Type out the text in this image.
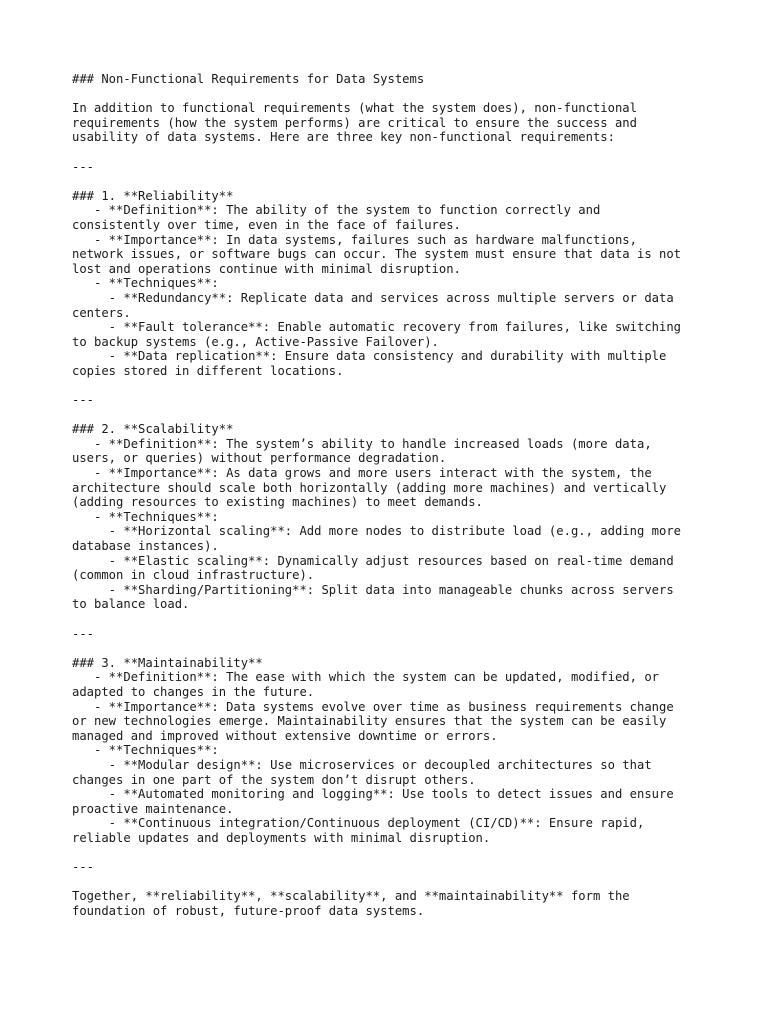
### Non-Functional Requirements for Data Systems
In addition to functional requirements (what the system does), non-functional
requirements (how the system performs) are critical to ensure the success and
usability of data systems. Here are three key non-functional requirements:
---
### 1. **Reliability**
- **Definition**: The ability of the system to function correctly and
consistently over time, even in the face of failures.
- **Importance**: In data systems, failures such as hardware malfunctions,
network issues, or software bugs can occur. The system must ensure that data is not
lost and operations continue with minimal disruption.
- **Techniques**:
- **Redundancy**: Replicate data and services across multiple servers or data
centers.
- **Fault tolerance**: Enable automatic recovery from failures, like switching
to backup systems (e.g., Active-Passive Failover).
- **Data replication**: Ensure data consistency and durability with multiple
copies stored in different locations.
---
### 2. **Scalability**
- **Definition**: The system’s ability to handle increased loads (more data,
users, or queries) without performance degradation.
- **Importance**: As data grows and more users interact with the system, the
architecture should scale both horizontally (adding more machines) and vertically
(adding resources to existing machines) to meet demands.
- **Techniques**:
- **Horizontal scaling**: Add more nodes to distribute load (e.g., adding more
database instances).
- **Elastic scaling**: Dynamically adjust resources based on real-time demand
(common in cloud infrastructure).
- **Sharding/Partitioning**: Split data into manageable chunks across servers
to balance load.
---
### 3. **Maintainability**
- **Definition**: The ease with which the system can be updated, modified, or
adapted to changes in the future.
- **Importance**: Data systems evolve over time as business requirements change
or new technologies emerge. Maintainability ensures that the system can be easily
managed and improved without extensive downtime or errors.
- **Techniques**:
- **Modular design**: Use microservices or decoupled architectures so that
changes in one part of the system don’t disrupt others.
- **Automated monitoring and logging**: Use tools to detect issues and ensure
proactive maintenance.
- **Continuous integration/Continuous deployment (CI/CD)**: Ensure rapid,
reliable updates and deployments with minimal disruption.
---
Together, **reliability**, **scalability**, and **maintainability** form the
foundation of robust, future-proof data systems.
